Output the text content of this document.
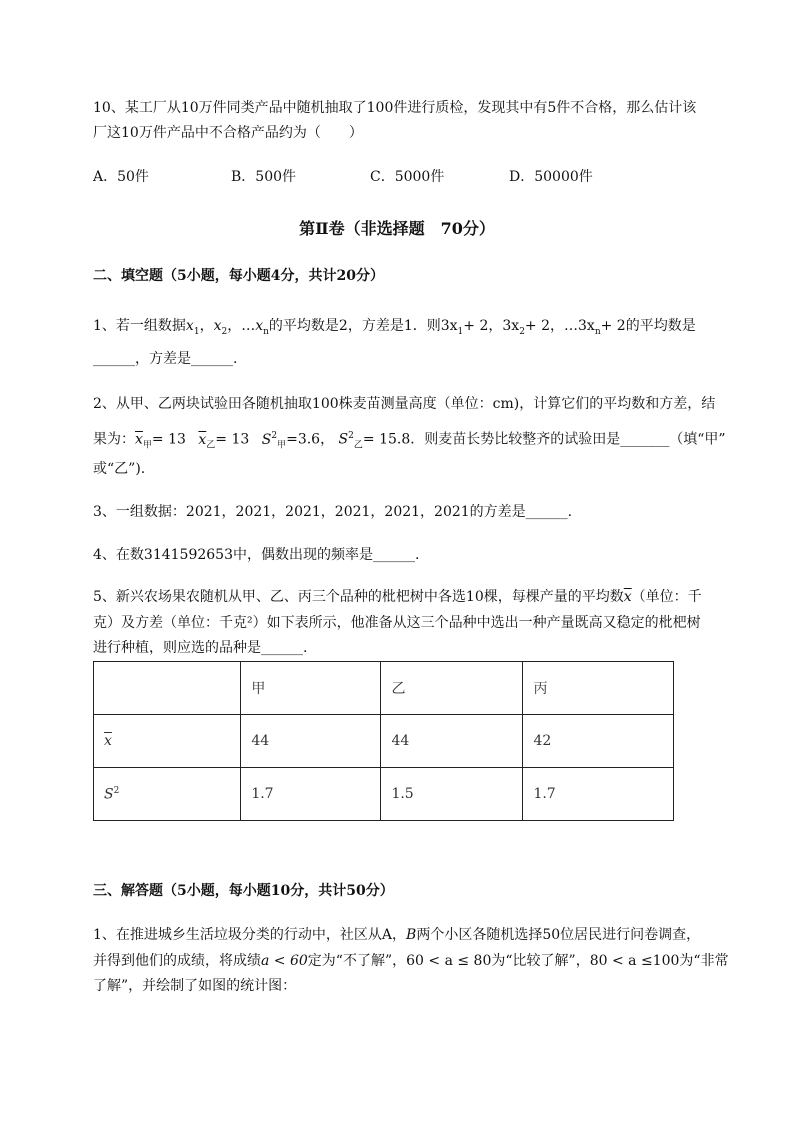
10、某工厂从10万件同类产品中随机抽取了100件进行质检，发现其中有5件不合格，那么估计该
厂这10万件产品中不合格产品约为（　　）
A．50件	B．500件	C．5000件	D．50000件
第Ⅱ卷（非选择题　70分）
二、填空题（5小题，每小题4分，共计20分）
1、若一组数据$x_1$，$x_2$，$\dots x_n$的平均数是2，方差是1．则$3x_1+ 2$，$3x_2+ 2$，$\dots 3x_n+ 2$的平均数是
______，方差是______.
2、从甲、乙两块试验田各随机抽取100株麦苗测量高度（单位：cm)，计算它们的平均数和方差，结
果为：$\overline{x}_甲= 13$ $\overline{x}_乙= 13$ $S^2_甲=3.6$， $S^2_乙= 15.8$．则麦苗长势比较整齐的试验田是_______（填“甲”
或“乙”).
3、一组数据：2021，2021，2021，2021，2021，2021的方差是______.
4、在数3141592653中，偶数出现的频率是______.
5、新兴农场果农随机从甲、乙、丙三个品种的枇杷树中各选10棵，每棵产量的平均数$\overline{x}$（单位：千
克）及方差（单位：千克²）如下表所示，他准备从这三个品种中选出一种产量既高又稳定的枇杷树
进行种植，则应选的品种是______.
	甲	乙	丙
$\overline{x}$	44	44	42
$S^2$	1.7	1.5	1.7
三、解答题（5小题，每小题10分，共计50分）
1、在推进城乡生活垃圾分类的行动中，社区从A，B两个小区各随机选择50位居民进行问卷调查，
并得到他们的成绩，将成绩a < 60定为“不了解”，60 < a ≤ 80为“比较了解”，80 < a ≤100为“非常
了解”，并绘制了如图的统计图：
